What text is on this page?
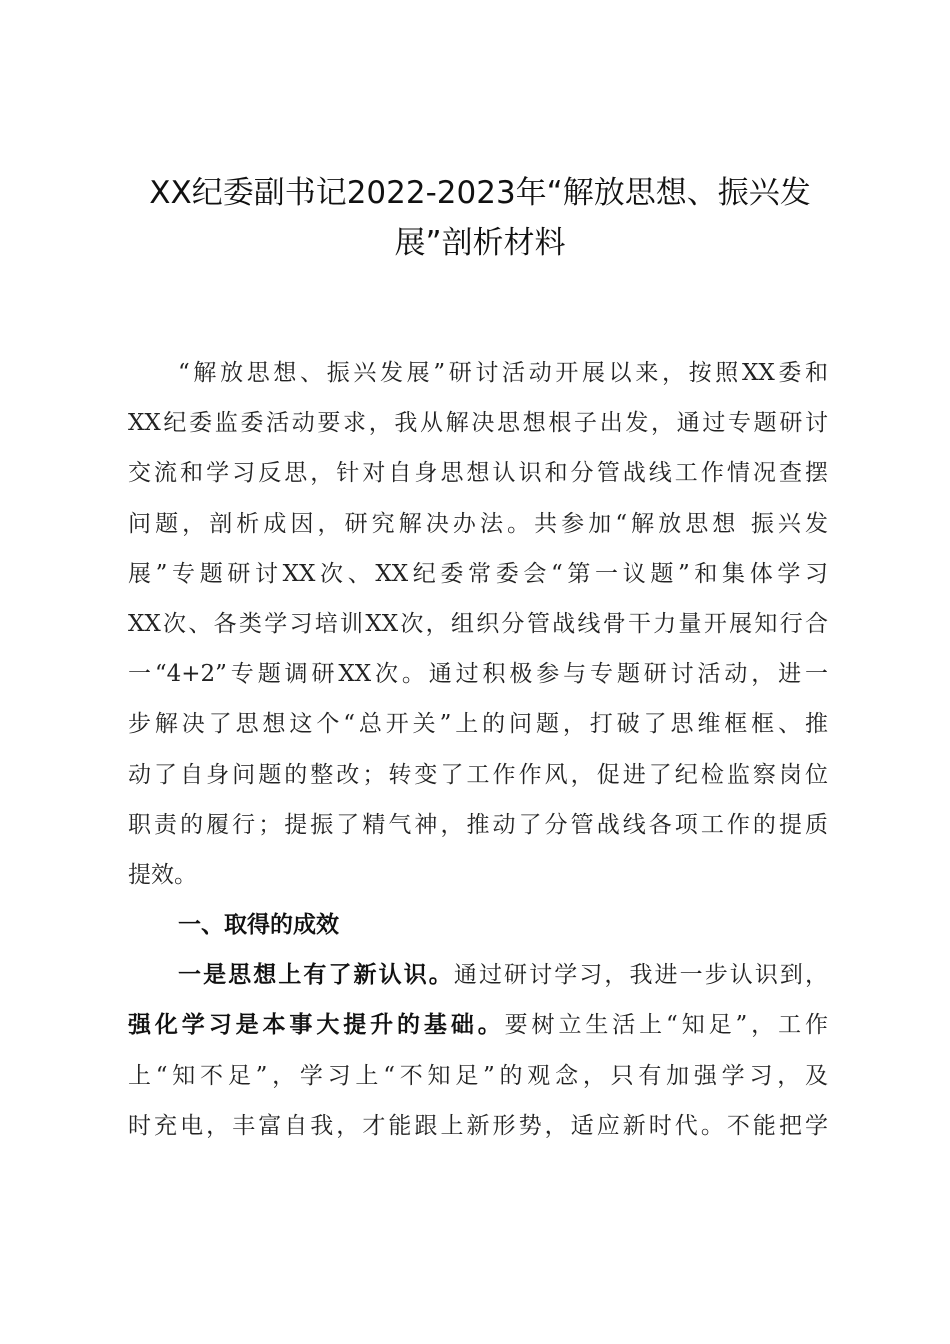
XX纪委副书记2022-2023年“解放思想、振兴发
展”剖析材料
“解放思想、振兴发展”研讨活动开展以来，按照XX委和
XX纪委监委活动要求，我从解决思想根子出发，通过专题研讨
交流和学习反思，针对自身思想认识和分管战线工作情况查摆
问题，剖析成因，研究解决办法。共参加“解放思想 振兴发
展”专题研讨XX次、XX纪委常委会“第一议题”和集体学习
XX次、各类学习培训XX次，组织分管战线骨干力量开展知行合
一“4+2”专题调研XX次。通过积极参与专题研讨活动，进一
步解决了思想这个“总开关”上的问题，打破了思维框框、推
动了自身问题的整改；转变了工作作风，促进了纪检监察岗位
职责的履行；提振了精气神，推动了分管战线各项工作的提质
提效。
一、取得的成效
一是思想上有了新认识。通过研讨学习，我进一步认识到，
强化学习是本事大提升的基础。要树立生活上“知足”，工作
上“知不足”，学习上“不知足”的观念，只有加强学习，及
时充电，丰富自我，才能跟上新形势，适应新时代。不能把学
